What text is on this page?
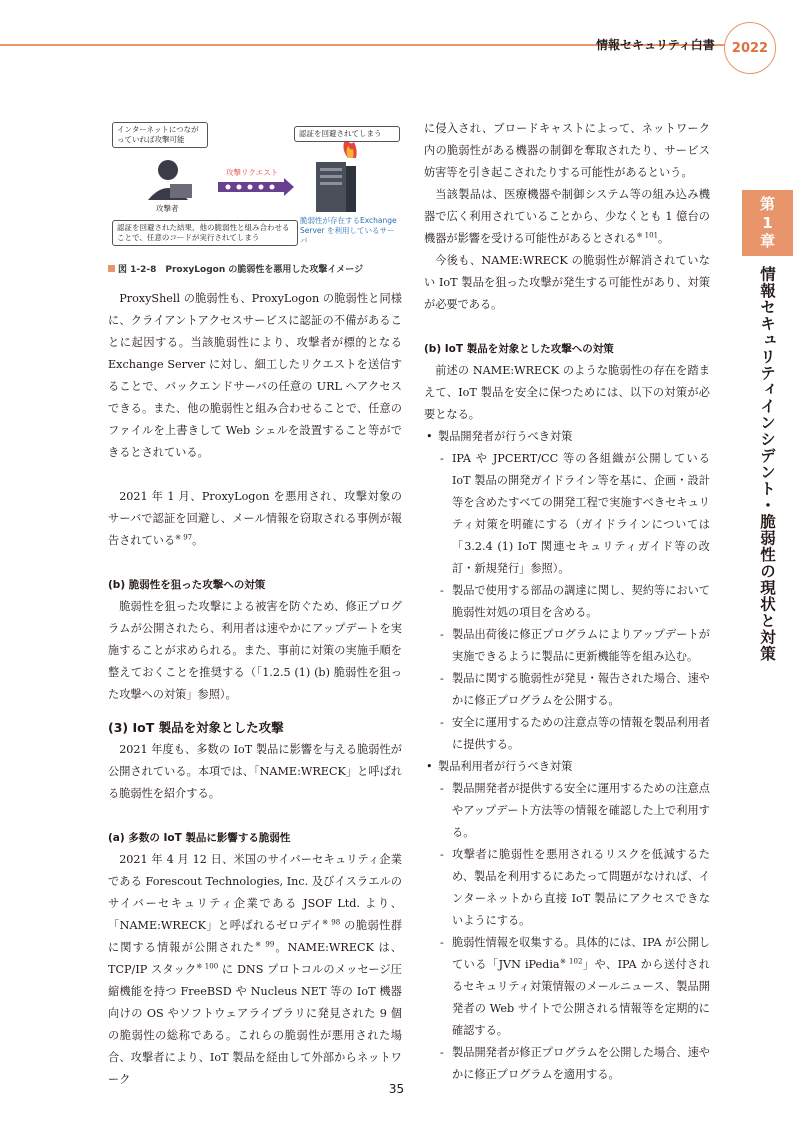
情報セキュリティ白書 2022
第
1
章
情報セキュリティインシデント・脆弱性の現状と対策
インターネットにつながっていれば攻撃可能
認証を回避されてしまう
攻撃リクエスト
攻撃者
認証を回避された結果、他の脆弱性と組み合わせることで、任意のコードが実行されてしまう
脆弱性が存在するExchange Server を利用しているサーバ
図 1-2-8　ProxyLogon の脆弱性を悪用した攻撃イメージ

ProxyShell の脆弱性も、ProxyLogon の脆弱性と同様に、クライアントアクセスサービスに認証の不備があることに起因する。当該脆弱性により、攻撃者が標的となる Exchange Server に対し、細工したリクエストを送信することで、バックエンドサーバの任意の URL へアクセスできる。また、他の脆弱性と組み合わせることで、任意のファイルを上書きして Web シェルを設置すること等ができるとされている。

2021 年 1 月、ProxyLogon を悪用され、攻撃対象のサーバで認証を回避し、メール情報を窃取される事例が報告されている$^{※ 97}$。

(b) 脆弱性を狙った攻撃への対策

脆弱性を狙った攻撃による被害を防ぐため、修正プログラムが公開されたら、利用者は速やかにアップデートを実施することが求められる。また、事前に対策の実施手順を整えておくことを推奨する（「1.2.5 (1) (b) 脆弱性を狙った攻撃への対策」参照）。

(3) IoT 製品を対象とした攻撃

2021 年度も、多数の IoT 製品に影響を与える脆弱性が公開されている。本項では、「NAME:WRECK」と呼ばれる脆弱性を紹介する。

(a) 多数の IoT 製品に影響する脆弱性

2021 年 4 月 12 日、米国のサイバーセキュリティ企業である Forescout Technologies, Inc. 及びイスラエルのサイバーセキュリティ企業である JSOF Ltd. より、「NAME:WRECK」と呼ばれるゼロデイ$^{※ 98}$ の脆弱性群に関する情報が公開された$^{※ 99}$。NAME:WRECK は、TCP/IP スタック$^{※ 100}$ に DNS プロトコルのメッセージ圧縮機能を持つ FreeBSD や Nucleus NET 等の IoT 機器向けの OS やソフトウェアライブラリに発見された 9 個の脆弱性の総称である。これらの脆弱性が悪用された場合、攻撃者により、IoT 製品を経由して外部からネットワーク

に侵入され、ブロードキャストによって、ネットワーク内の脆弱性がある機器の制御を奪取されたり、サービス妨害等を引き起こされたりする可能性があるという。

当該製品は、医療機器や制御システム等の組み込み機器で広く利用されていることから、少なくとも 1 億台の機器が影響を受ける可能性があるとされる$^{※ 101}$。

今後も、NAME:WRECK の脆弱性が解消されていない IoT 製品を狙った攻撃が発生する可能性があり、対策が必要である。

(b) IoT 製品を対象とした攻撃への対策

前述の NAME:WRECK のような脆弱性の存在を踏まえて、IoT 製品を安全に保つためには、以下の対策が必要となる。

• 製品開発者が行うべき対策
- IPA や JPCERT/CC 等の各組織が公開している IoT 製品の開発ガイドライン等を基に、企画・設計等を含めたすべての開発工程で実施すべきセキュリティ対策を明確にする（ガイドラインについては「3.2.4 (1) IoT 関連セキュリティガイド等の改訂・新規発行」参照）。
- 製品で使用する部品の調達に関し、契約等において脆弱性対処の項目を含める。
- 製品出荷後に修正プログラムによりアップデートが実施できるように製品に更新機能等を組み込む。
- 製品に関する脆弱性が発見・報告された場合、速やかに修正プログラムを公開する。
- 安全に運用するための注意点等の情報を製品利用者に提供する。
• 製品利用者が行うべき対策
- 製品開発者が提供する安全に運用するための注意点やアップデート方法等の情報を確認した上で利用する。
- 攻撃者に脆弱性を悪用されるリスクを低減するため、製品を利用するにあたって問題がなければ、インターネットから直接 IoT 製品にアクセスできないようにする。
- 脆弱性情報を収集する。具体的には、IPA が公開している「JVN iPedia$^{※ 102}$」や、IPA から送付されるセキュリティ対策情報のメールニュース、製品開発者の Web サイトで公開される情報等を定期的に確認する。
- 製品開発者が修正プログラムを公開した場合、速やかに修正プログラムを適用する。
35
